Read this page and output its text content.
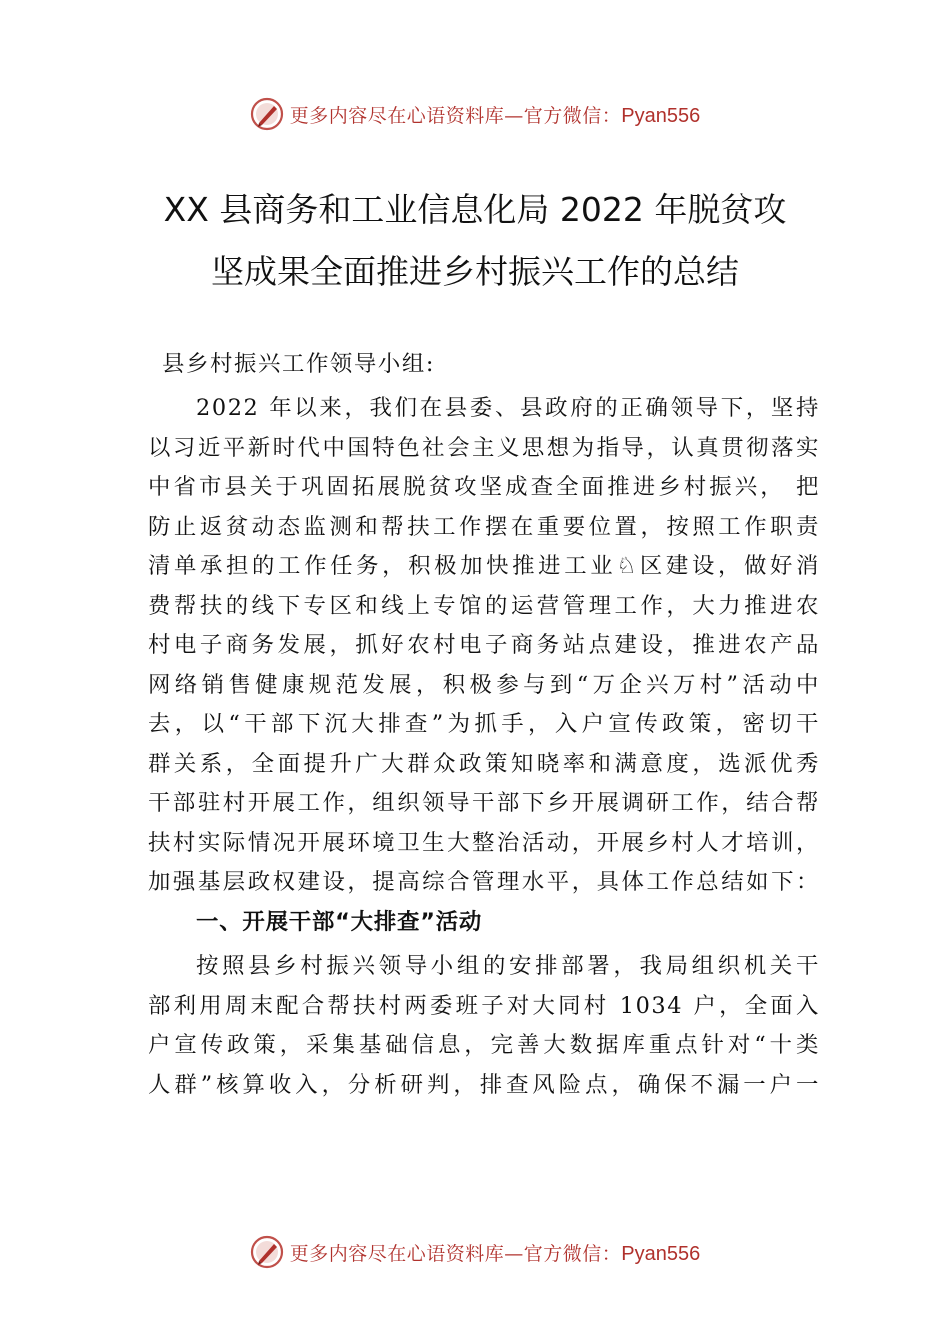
更多内容尽在心语资料库—官方微信：Pyan556
XX 县商务和工业信息化局 2022 年脱贫攻
坚成果全面推进乡村振兴工作的总结

县乡村振兴工作领导小组:

2022 年以来，我们在县委、县政府的正确领导下，坚持

以习近平新时代中国特色社会主义思想为指导，认真贯彻落实

中省市县关于巩固拓展脱贫攻坚成查全面推进乡村振兴， 把

防止返贫动态监测和帮扶工作摆在重要位置，按照工作职责

清单承担的工作任务，积极加快推进工业♘区建设，做好消

费帮扶的线下专区和线上专馆的运营管理工作，大力推进农

村电子商务发展，抓好农村电子商务站点建设，推进农产品

网络销售健康规范发展，积极参与到“万企兴万村”活动中

去，以“干部下沉大排查”为抓手，入户宣传政策，密切干

群关系，全面提升广大群众政策知晓率和满意度，选派优秀

干部驻村开展工作，组织领导干部下乡开展调研工作，结合帮

扶村实际情况开展环境卫生大整治活动，开展乡村人才培训，

加强基层政权建设，提高综合管理水平，具体工作总结如下：

一、开展干部“大排查”活动

按照县乡村振兴领导小组的安排部署，我局组织机关干

部利用周末配合帮扶村两委班子对大同村 1034 户，全面入

户宣传政策，采集基础信息，完善大数据库重点针对“十类

人群”核算收入，分析研判，排查风险点，确保不漏一户一

更多内容尽在心语资料库—官方微信：Pyan556
